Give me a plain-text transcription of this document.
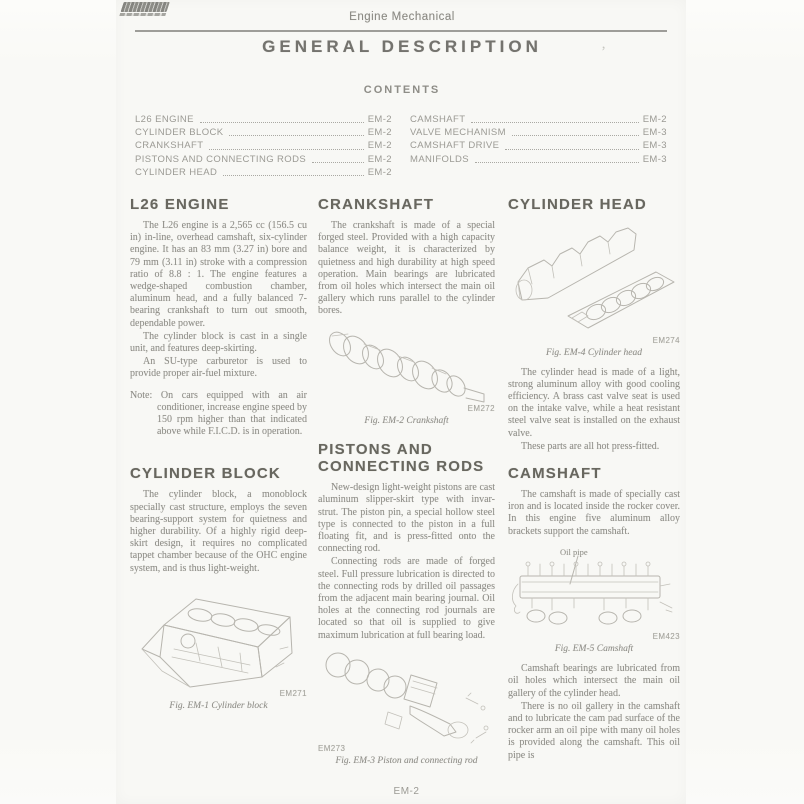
Engine Mechanical
GENERAL DESCRIPTION	’
CONTENTS
L26 ENGINE	EM-2
CYLINDER BLOCK	EM-2
CRANKSHAFT	EM-2
PISTONS AND CONNECTING RODS	EM-2
CYLINDER HEAD	EM-2
CAMSHAFT	EM-2
VALVE MECHANISM	EM-3
CAMSHAFT DRIVE	EM-3
MANIFOLDS	EM-3
L26 ENGINE

The L26 engine is a 2,565 cc (156.5 cu in) in-line, overhead camshaft, six-cylinder engine. It has an 83 mm (3.27 in) bore and 79 mm (3.11 in) stroke with a compression ratio of 8.8 : 1. The engine features a wedge-shaped combustion chamber, aluminum head, and a fully balanced 7-bearing crankshaft to turn out smooth, dependable power.

The cylinder block is cast in a single unit, and features deep-skirting.

An SU-type carburetor is used to provide proper air-fuel mixture.

Note: On cars equipped with an air conditioner, increase engine speed by 150 rpm higher than that indicated above while F.I.C.D. is in operation.

CYLINDER BLOCK

The cylinder block, a monoblock specially cast structure, employs the seven bearing-support system for quietness and higher durability. Of a highly rigid deep-skirt design, it requires no complicated tappet chamber because of the OHC engine system, and is thus light-weight.

EM271
Fig. EM-1 Cylinder block
CRANKSHAFT

The crankshaft is made of a special forged steel. Provided with a high capacity balance weight, it is characterized by quietness and high durability at high speed operation. Main bearings are lubricated from oil holes which intersect the main oil gallery which runs parallel to the cylinder bores.

EM272
Fig. EM-2 Crankshaft
PISTONS AND CONNECTING RODS

New-design light-weight pistons are cast aluminum slipper-skirt type with invar-strut. The piston pin, a special hollow steel type is connected to the piston in a full floating fit, and is press-fitted onto the connecting rod.

Connecting rods are made of forged steel. Full pressure lubrication is directed to the connecting rods by drilled oil passages from the adjacent main bearing journal. Oil holes at the connecting rod journals are located so that oil is supplied to give maximum lubrication at full bearing load.

EM273
Fig. EM-3 Piston and connecting rod
CYLINDER HEAD
EM274
Fig. EM-4 Cylinder head

The cylinder head is made of a light, strong aluminum alloy with good cooling efficiency. A brass cast valve seat is used on the intake valve, while a heat resistant steel valve seat is installed on the exhaust valve.

These parts are all hot press-fitted.

CAMSHAFT

The camshaft is made of specially cast iron and is located inside the rocker cover. In this engine five aluminum alloy brackets support the camshaft.

Oil pipe
EM423
Fig. EM-5 Camshaft

Camshaft bearings are lubricated from oil holes which intersect the main oil gallery of the cylinder head.

There is no oil gallery in the camshaft and to lubricate the cam pad surface of the rocker arm an oil pipe with many oil holes is provided along the camshaft. This oil pipe is

EM-2
